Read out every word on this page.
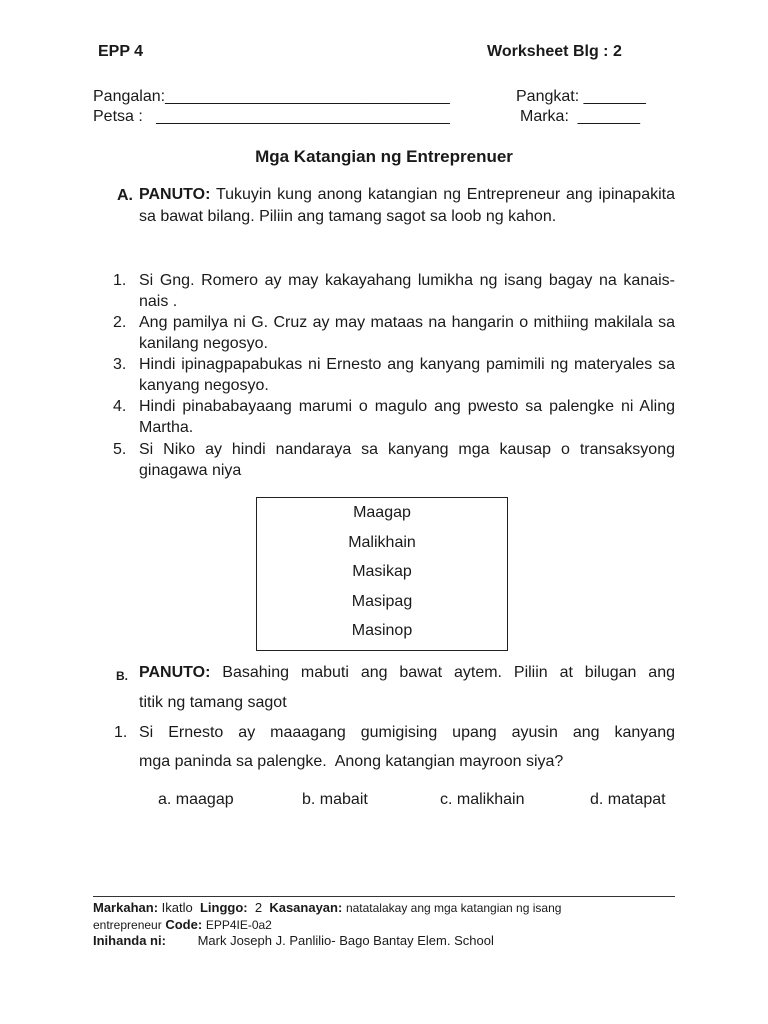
EPP 4	Worksheet Blg : 2
Pangalan:________________________________	Pangkat: _______
Petsa :   _________________________________	Marka:  _______
Mga Katangian ng Entreprenuer
A. PANUTO: Tukuyin kung anong katangian ng Entrepreneur ang ipinapakita sa bawat bilang. Piliin ang tamang sagot sa loob ng kahon.
1. Si Gng. Romero ay may kakayahang lumikha ng isang bagay na kanais-nais .
2. Ang pamilya ni G. Cruz ay may mataas na hangarin o mithiing makilala sa kanilang negosyo.
3. Hindi ipinagpapabukas ni Ernesto ang kanyang pamimili ng materyales sa kanyang negosyo.
4. Hindi pinababayaang marumi o magulo ang pwesto sa palengke ni Aling Martha.
5. Si Niko ay hindi nandaraya sa kanyang mga kausap o transaksyong ginagawa niya
Maagap
Malikhain
Masikap
Masipag
Masinop
B. PANUTO: Basahing mabuti ang bawat aytem. Piliin at bilugan ang
titik ng tamang sagot
1. Si Ernesto ay maaagang gumigising upang ayusin ang kanyang
mga paninda sa palengke.  Anong katangian mayroon siya?
a. maagap	b. mabait	c. malikhain	d. matapat
Markahan: Ikatlo Linggo: 2 Kasanayan: natatalakay ang mga katangian ng isang
entrepreneur Code: EPP4IE-0a2
Inihanda ni: Mark Joseph J. Panlilio- Bago Bantay Elem. School
